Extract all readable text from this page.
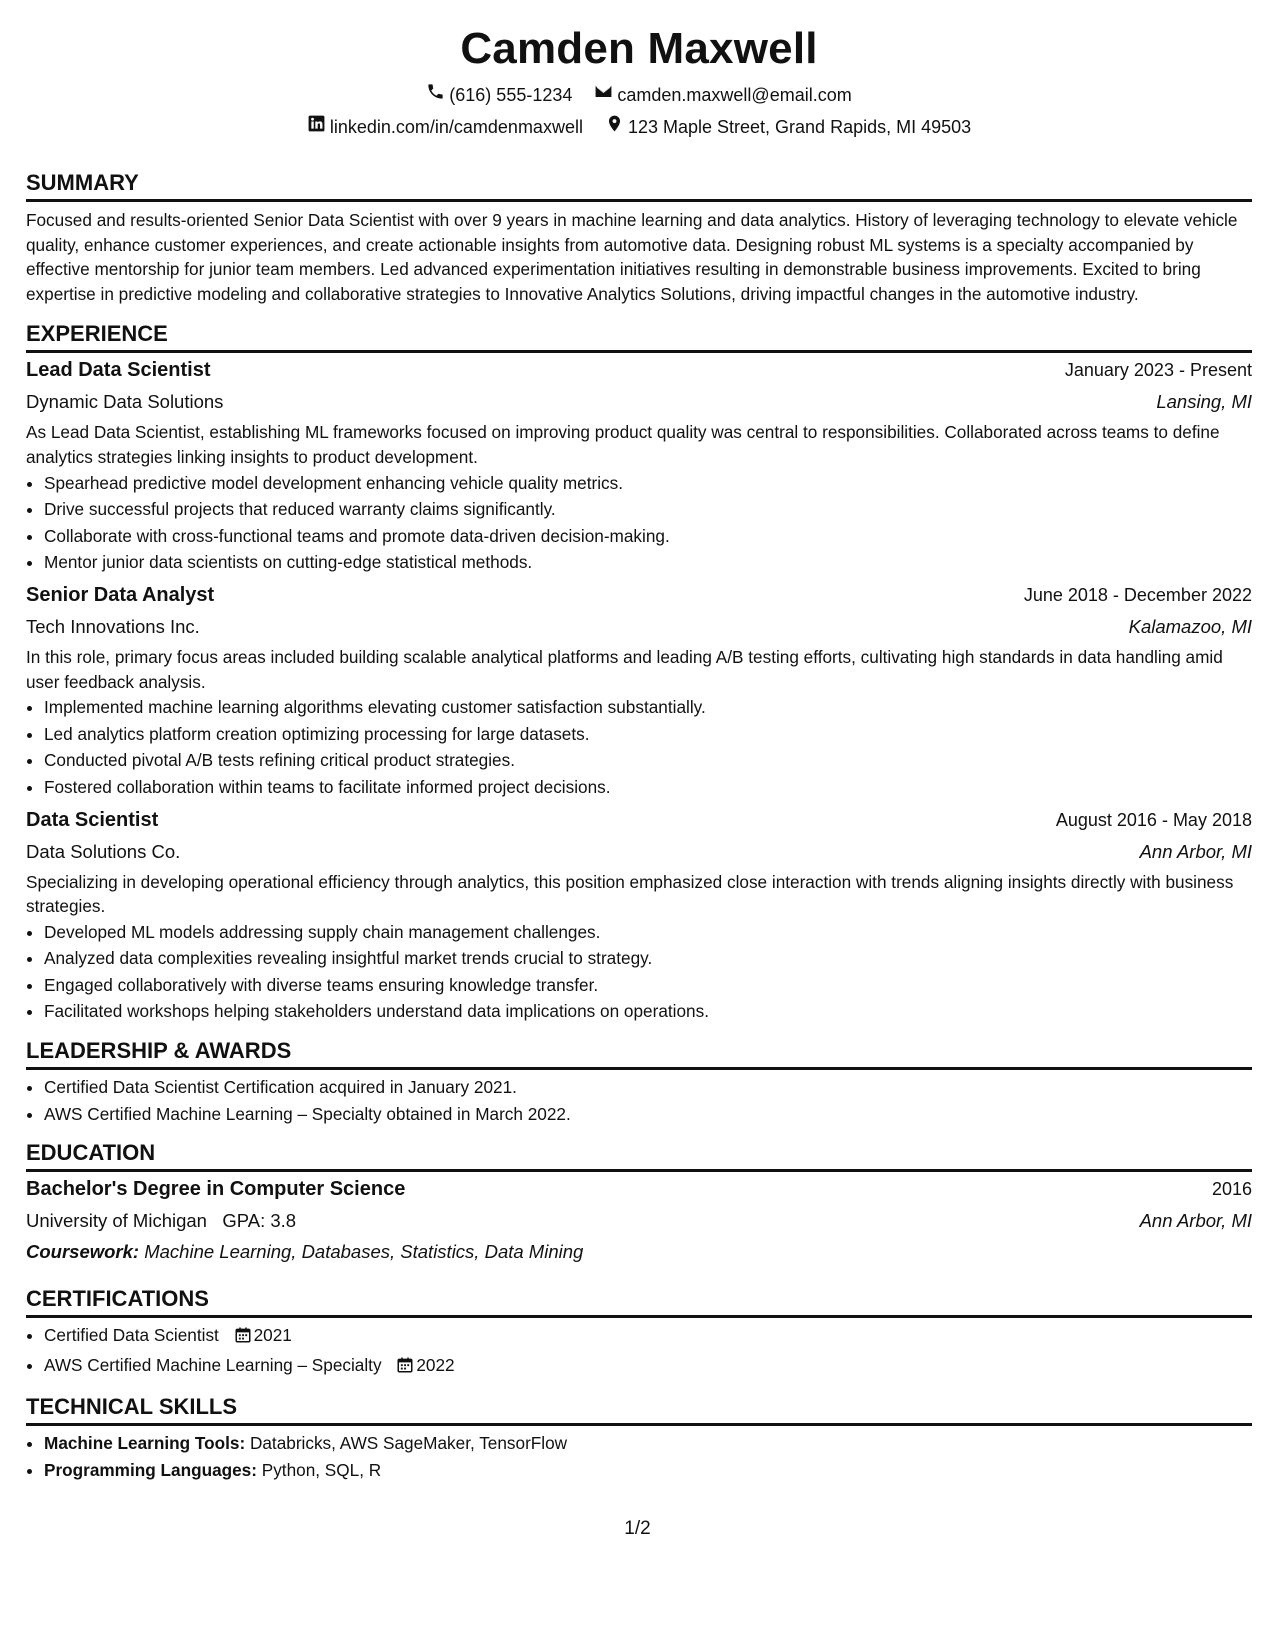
Camden Maxwell
(616) 555-1234	camden.maxwell@email.com
linkedin.com/in/camdenmaxwell	123 Maple Street, Grand Rapids, MI 49503
SUMMARY

Focused and results-oriented Senior Data Scientist with over 9 years in machine learning and data analytics. History of leveraging technology to elevate vehicle quality, enhance customer experiences, and create actionable insights from automotive data. Designing robust ML systems is a specialty accompanied by effective mentorship for junior team members. Led advanced experimentation initiatives resulting in demonstrable business improvements. Excited to bring expertise in predictive modeling and collaborative strategies to Innovative Analytics Solutions, driving impactful changes in the automotive industry.

EXPERIENCE
Lead Data Scientist	January 2023 - Present
Dynamic Data Solutions	Lansing, MI
As Lead Data Scientist, establishing ML frameworks focused on improving product quality was central to responsibilities. Collaborated across teams to define analytics strategies linking insights to product development.
• Spearhead predictive model development enhancing vehicle quality metrics.
• Drive successful projects that reduced warranty claims significantly.
• Collaborate with cross-functional teams and promote data-driven decision-making.
• Mentor junior data scientists on cutting-edge statistical methods.
Senior Data Analyst	June 2018 - December 2022
Tech Innovations Inc.	Kalamazoo, MI
In this role, primary focus areas included building scalable analytical platforms and leading A/B testing efforts, cultivating high standards in data handling amid user feedback analysis.
• Implemented machine learning algorithms elevating customer satisfaction substantially.
• Led analytics platform creation optimizing processing for large datasets.
• Conducted pivotal A/B tests refining critical product strategies.
• Fostered collaboration within teams to facilitate informed project decisions.
Data Scientist	August 2016 - May 2018
Data Solutions Co.	Ann Arbor, MI
Specializing in developing operational efficiency through analytics, this position emphasized close interaction with trends aligning insights directly with business strategies.
• Developed ML models addressing supply chain management challenges.
• Analyzed data complexities revealing insightful market trends crucial to strategy.
• Engaged collaboratively with diverse teams ensuring knowledge transfer.
• Facilitated workshops helping stakeholders understand data implications on operations.
LEADERSHIP & AWARDS
• Certified Data Scientist Certification acquired in January 2021.
• AWS Certified Machine Learning – Specialty obtained in March 2022.
EDUCATION
Bachelor's Degree in Computer Science	2016
University of Michigan GPA: 3.8	Ann Arbor, MI
Coursework: Machine Learning, Databases, Statistics, Data Mining
CERTIFICATIONS
• Certified Data Scientist 2021
• AWS Certified Machine Learning – Specialty 2022
TECHNICAL SKILLS
• Machine Learning Tools: Databricks, AWS SageMaker, TensorFlow
• Programming Languages: Python, SQL, R
1/2
